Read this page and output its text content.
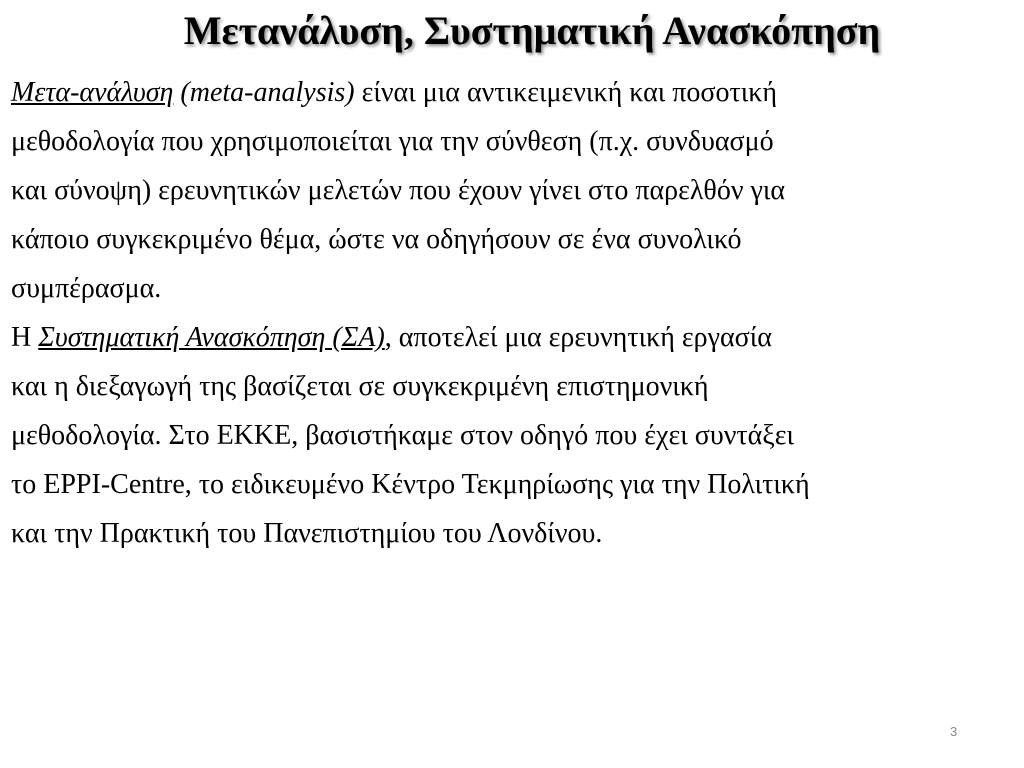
Μετανάλυση, Συστηματική Ανασκόπηση

Μετα-ανάλυση (meta-analysis) είναι μια αντικειμενική και ποσοτική
μεθοδολογία που χρησιμοποιείται για την σύνθεση (π.χ. συνδυασμό
και σύνοψη) ερευνητικών μελετών που έχουν γίνει στο παρελθόν για
κάποιο συγκεκριμένο θέμα, ώστε να οδηγήσουν σε ένα συνολικό
συμπέρασμα.

Η Συστηματική Ανασκόπηση (ΣΑ), αποτελεί μια ερευνητική εργασία
και η διεξαγωγή της βασίζεται σε συγκεκριμένη επιστημονική
μεθοδολογία. Στο ΕΚΚΕ, βασιστήκαμε στον οδηγό που έχει συντάξει
το EPPI-Centre, το ειδικευμένο Κέντρο Τεκμηρίωσης για την Πολιτική
και την Πρακτική του Πανεπιστημίου του Λονδίνου.

3
